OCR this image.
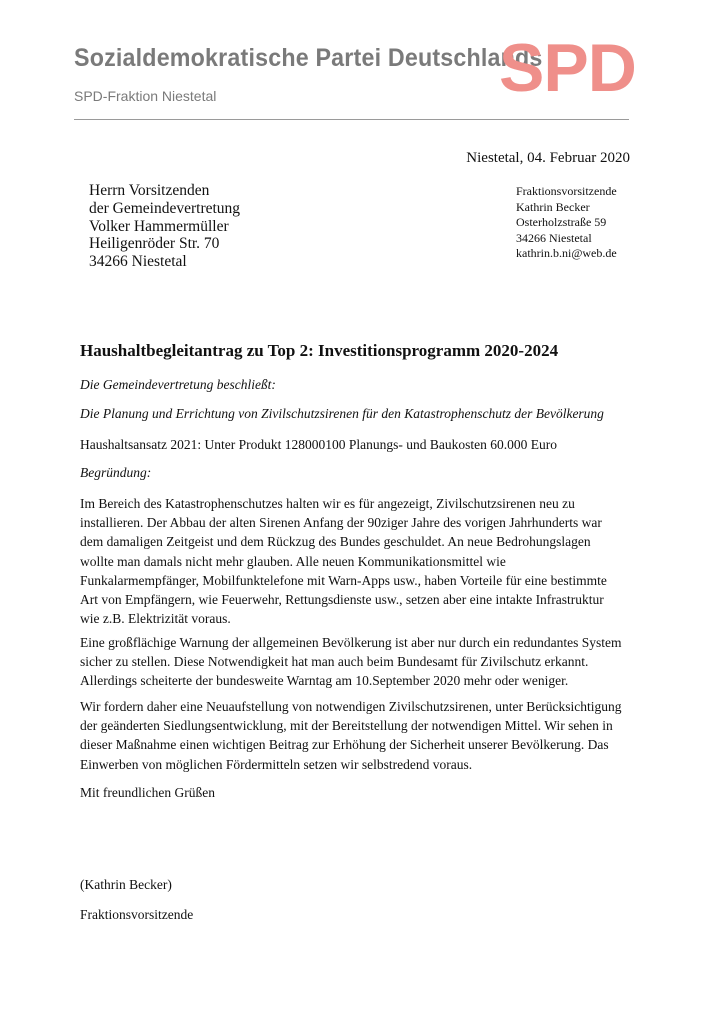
Sozialdemokratische Partei Deutschlands
SPD-Fraktion Niestetal	SPD
Niestetal, 04. Februar 2020
Herrn Vorsitzenden
der Gemeindevertretung
Volker Hammermüller
Heiligenröder Str. 70
34266 Niestetal
Fraktionsvorsitzende
Kathrin Becker
Osterholzstraße 59
34266 Niestetal
kathrin.b.ni@web.de
Haushaltbegleitantrag zu Top 2: Investitionsprogramm 2020-2024
Die Gemeindevertretung beschließt:
Die Planung und Errichtung von Zivilschutzsirenen für den Katastrophenschutz der Bevölkerung
Haushaltsansatz 2021: Unter Produkt 128000100 Planungs- und Baukosten 60.000 Euro
Begründung:
Im Bereich des Katastrophenschutzes halten wir es für angezeigt, Zivilschutzsirenen neu zu
installieren. Der Abbau der alten Sirenen Anfang der 90ziger Jahre des vorigen Jahrhunderts war
dem damaligen Zeitgeist und dem Rückzug des Bundes geschuldet. An neue Bedrohungslagen
wollte man damals nicht mehr glauben. Alle neuen Kommunikationsmittel wie
Funkalarmempfänger, Mobilfunktelefone mit Warn-Apps usw., haben Vorteile für eine bestimmte
Art von Empfängern, wie Feuerwehr, Rettungsdienste usw., setzen aber eine intakte Infrastruktur
wie z.B. Elektrizität voraus.
Eine großflächige Warnung der allgemeinen Bevölkerung ist aber nur durch ein redundantes System
sicher zu stellen. Diese Notwendigkeit hat man auch beim Bundesamt für Zivilschutz erkannt.
Allerdings scheiterte der bundesweite Warntag am 10.September 2020 mehr oder weniger.
Wir fordern daher eine Neuaufstellung von notwendigen Zivilschutzsirenen, unter Berücksichtigung
der geänderten Siedlungsentwicklung, mit der Bereitstellung der notwendigen Mittel. Wir sehen in
dieser Maßnahme einen wichtigen Beitrag zur Erhöhung der Sicherheit unserer Bevölkerung. Das
Einwerben von möglichen Fördermitteln setzen wir selbstredend voraus.
Mit freundlichen Grüßen
(Kathrin Becker)
Fraktionsvorsitzende
